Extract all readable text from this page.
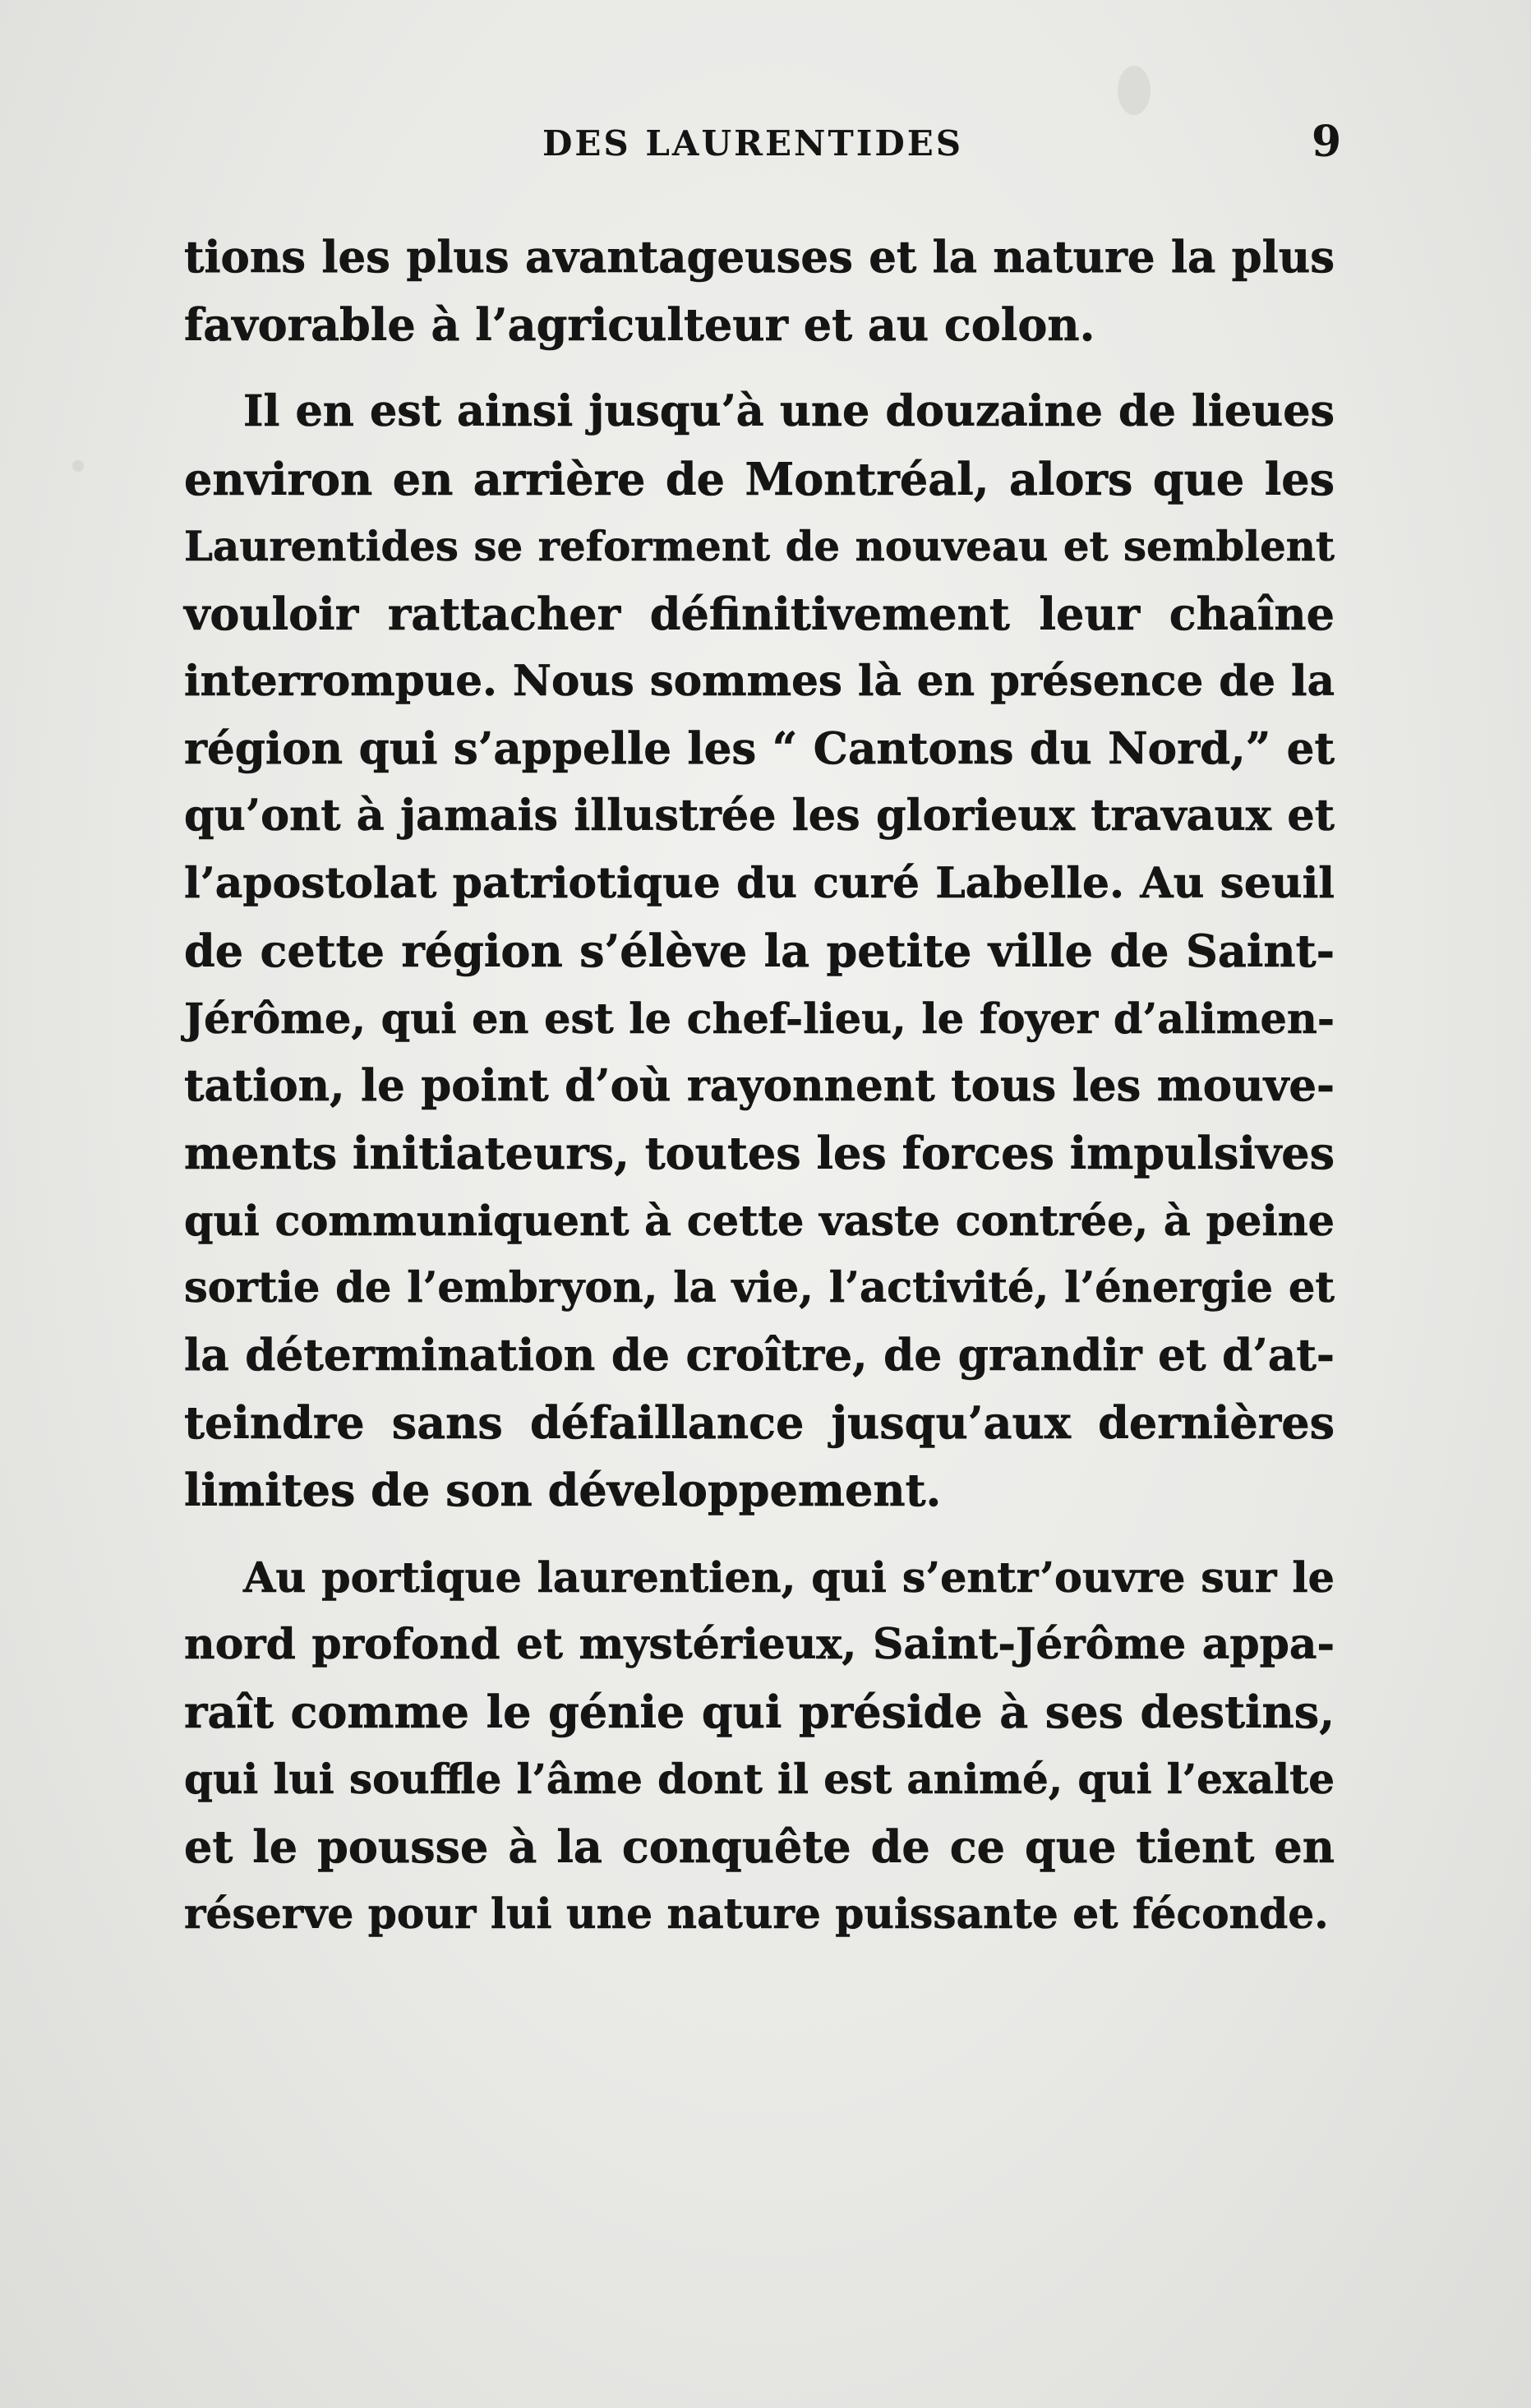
DES LAURENTIDES	9
tions les plus avantageuses et la nature la plus
favorable à l’agriculteur et au colon.
Il en est ainsi jusqu’à une douzaine de lieues
environ en arrière de Montréal, alors que les
Laurentides se reforment de nouveau et semblent
vouloir rattacher définitivement leur chaîne
interrompue. Nous sommes là en présence de la
région qui s’appelle les “ Cantons du Nord,” et
qu’ont à jamais illustrée les glorieux travaux et
l’apostolat patriotique du curé Labelle. Au seuil
de cette région s’élève la petite ville de Saint-
Jérôme, qui en est le chef-lieu, le foyer d’alimen-
tation, le point d’où rayonnent tous les mouve-
ments initiateurs, toutes les forces impulsives
qui communiquent à cette vaste contrée, à peine
sortie de l’embryon, la vie, l’activité, l’énergie et
la détermination de croître, de grandir et d’at-
teindre sans défaillance jusqu’aux dernières
limites de son développement.
Au portique laurentien, qui s’entr’ouvre sur le
nord profond et mystérieux, Saint-Jérôme appa-
raît comme le génie qui préside à ses destins,
qui lui souffle l’âme dont il est animé, qui l’exalte
et le pousse à la conquête de ce que tient en
réserve pour lui une nature puissante et féconde.
